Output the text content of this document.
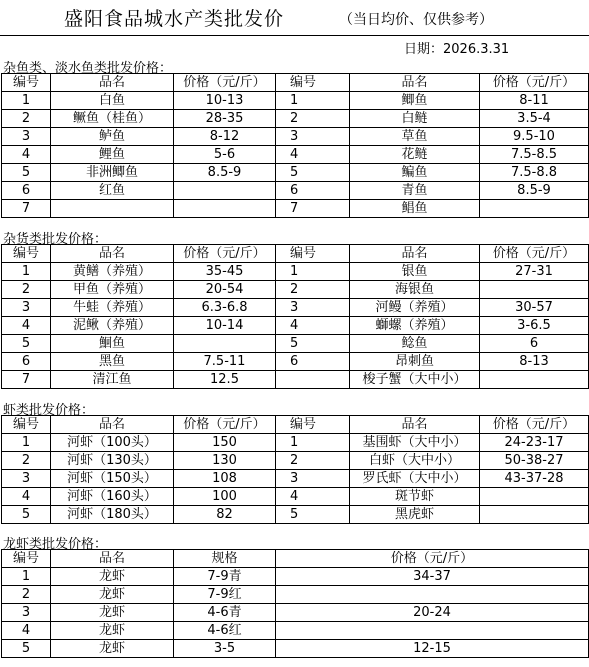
盛阳食品城水产类批发价	（当日均价、仅供参考）
日期：2026.3.31
杂鱼类、淡水鱼类批发价格：
编号	品名	价格（元/斤）	编号	品名	价格（元/斤）
1	白鱼	10-13	1	鲫鱼	8-11
2	鳜鱼（桂鱼）	28-35	2	白鲢	3.5-4
3	鲈鱼	8-12	3	草鱼	9.5-10
4	鲤鱼	5-6	4	花鲢	7.5-8.5
5	非洲鲫鱼	8.5-9	5	鳊鱼	7.5-8.8
6	红鱼		6	青鱼	8.5-9
7			7	鲳鱼	
杂货类批发价格：
编号	品名	价格（元/斤）	编号	品名	价格（元/斤）
1	黄鳝（养殖）	35-45	1	银鱼	27-31
2	甲鱼（养殖）	20-54	2	海银鱼	
3	牛蛙（养殖）	6.3-6.8	3	河鳗（养殖）	30-57
4	泥鳅（养殖）	10-14	4	螄螺（养殖）	3-6.5
5	鮰鱼		5	鲶鱼	6
6	黑鱼	7.5-11	6	昂刺鱼	8-13
7	清江鱼	12.5		梭子蟹（大中小）	
虾类批发价格：
编号	品名	价格（元/斤）	编号	品名	价格（元/斤）
1	河虾（100头）	150	1	基围虾（大中小）	24-23-17
2	河虾（130头）	130	2	白虾（大中小）	50-38-27
3	河虾（150头）	108	3	罗氏虾（大中小）	43-37-28
4	河虾（160头）	100	4	斑节虾	
5	河虾（180头）	82	5	黑虎虾	
龙虾类批发价格：
编号	品名	规格	价格（元/斤）
1	龙虾	7-9青	34-37
2	龙虾	7-9红	
3	龙虾	4-6青	20-24
4	龙虾	4-6红	
5	龙虾	3-5	12-15
